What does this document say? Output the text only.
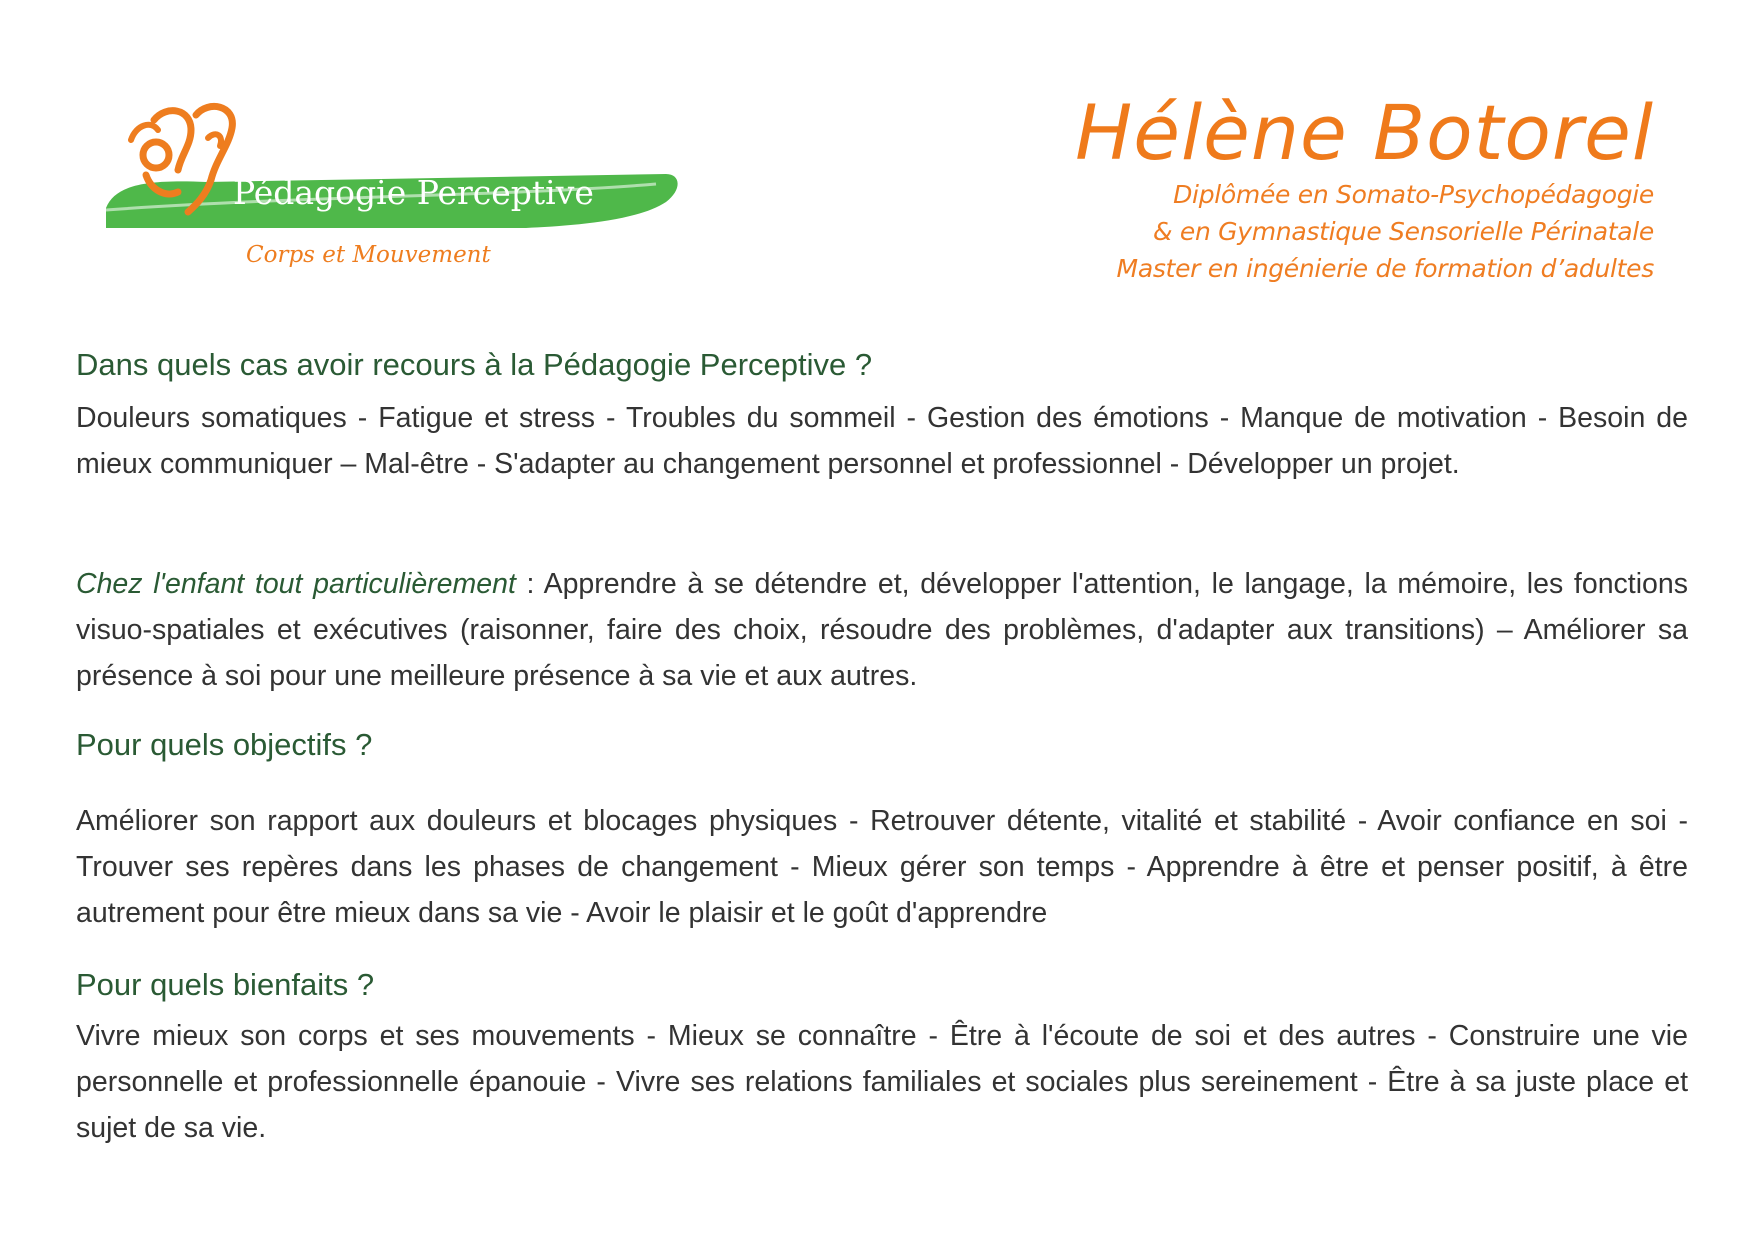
Pédagogie Perceptive
Corps et Mouvement
Hélène Botorel
Diplômée en Somato-Psychopédagogie
& en Gymnastique Sensorielle Périnatale
Master en ingénierie de formation d’adultes
Dans quels cas avoir recours à la Pédagogie Perceptive ?

Douleurs somatiques - Fatigue et stress - Troubles du sommeil - Gestion des émotions - Manque de motivation - Besoin de mieux communiquer – Mal-être - S'adapter au changement personnel et professionnel - Développer un projet.

Chez l'enfant tout particulièrement : Apprendre à se détendre et, développer l'attention, le langage, la mémoire, les fonctions visuo-spatiales et exécutives (raisonner, faire des choix, résoudre des problèmes, d'adapter aux transitions) – Améliorer sa présence à soi pour une meilleure présence à sa vie et aux autres.

Pour quels objectifs ?

Améliorer son rapport aux douleurs et blocages physiques - Retrouver détente, vitalité et stabilité - Avoir confiance en soi - Trouver ses repères dans les phases de changement - Mieux gérer son temps - Apprendre à être et penser positif, à être autrement pour être mieux dans sa vie - Avoir le plaisir et le goût d'apprendre

Pour quels bienfaits ?

Vivre mieux son corps et ses mouvements - Mieux se connaître - Être à l'écoute de soi et des autres - Construire une vie personnelle et professionnelle épanouie - Vivre ses relations familiales et sociales plus sereinement - Être à sa juste place et sujet de sa vie.
